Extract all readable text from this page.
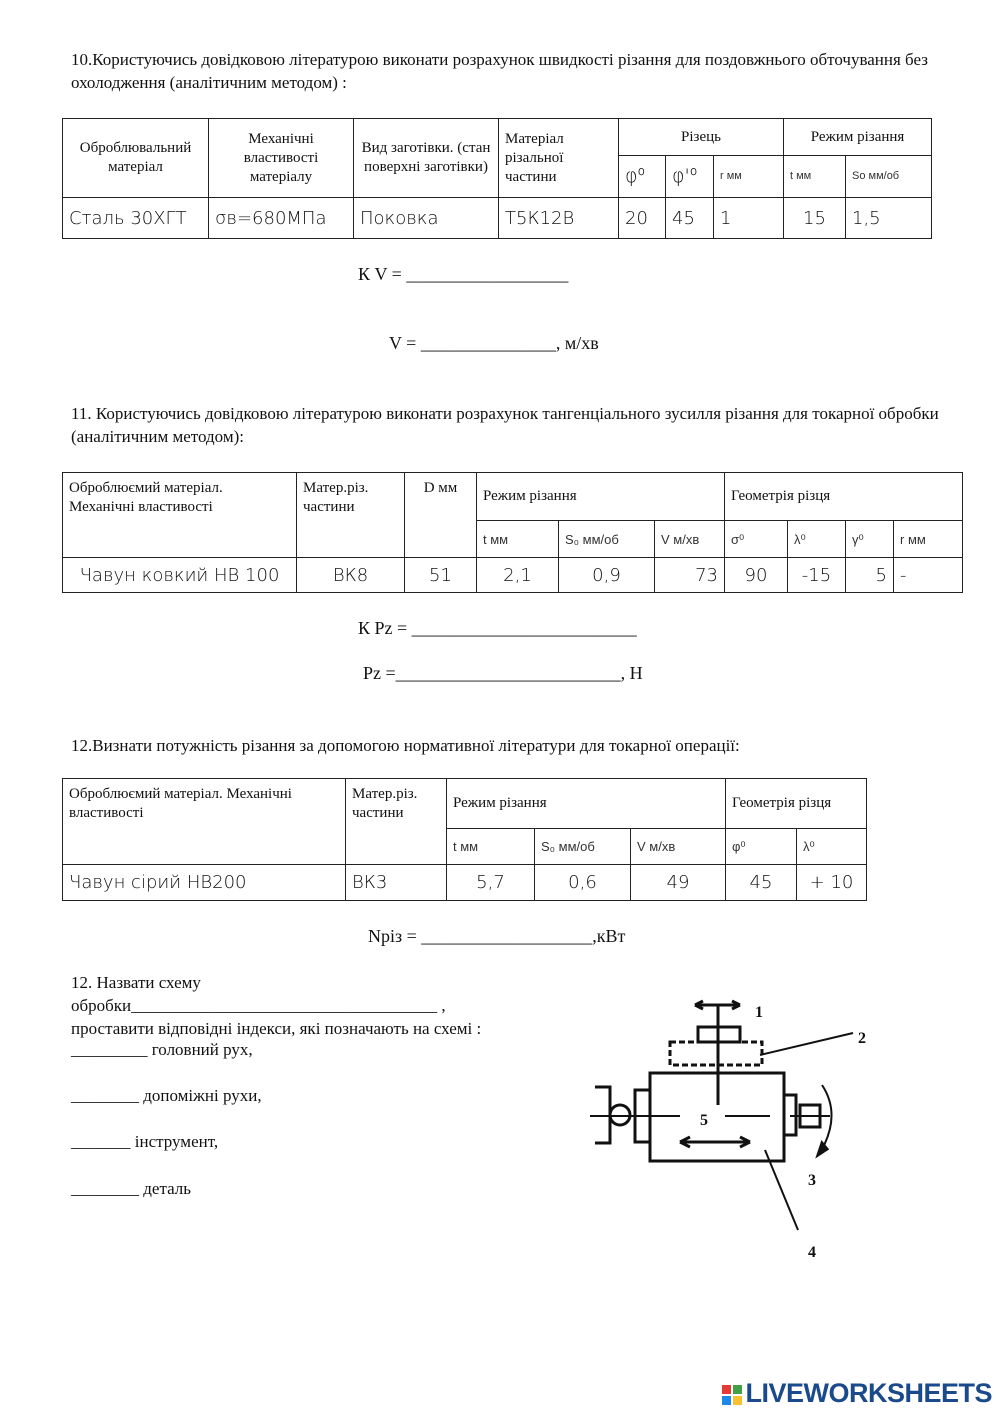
10.Користуючись довідковою літературою виконати розрахунок швидкості різання для поздовжнього обточування без охолодження (аналітичним методом) :
Оброблювальний матеріал	Механічні властивості матеріалу	Вид заготівки. (стан поверхні заготівки)	Матеріал різальної частини	Різець			Режим різання	
				φ⁰	φ'⁰	r мм	t мм	So мм/об
Сталь 30ХГТ	σв=680МПа	Поковка	Т5К12В	20	45	1	15	1,5
К V = __________________
V = _______________, м/хв
11. Користуючись довідковою літературою виконати розрахунок тангенціального зусилля різання для токарної обробки (аналітичним методом):
Оброблюємий матеріал. Механічні властивості	Матер.різ. частини	D мм	Режим різання			Геометрія різця			
			t мм	S₀ мм/об	V м/хв	σ⁰	λ⁰	γ⁰	r мм
Чавун ковкий НВ 100	ВК8	51	2,1	0,9	73	90	-15	5	-
К Pz = _________________________
Pz =_________________________, Н
12.Визнати потужність різання за допомогою нормативної літератури для токарної операції:
Оброблюємий матеріал. Механічні властивості	Матер.різ. частини	Режим різання			Геометрія різця	
		t мм	S₀ мм/об	V м/хв	φ⁰	λ⁰
Чавун сірий НВ200	ВК3	5,7	0,6	49	45	+ 10
Nріз = ___________________,кВт
12. Назвати схему
обробки____________________________________ ,
проставити відповідні індекси, які позначають на схемі :
_________ головний рух,
________ допоміжні рухи,
_______ інструмент,
________ деталь
1
2
3
4
5

LIVEWORKSHEETS
